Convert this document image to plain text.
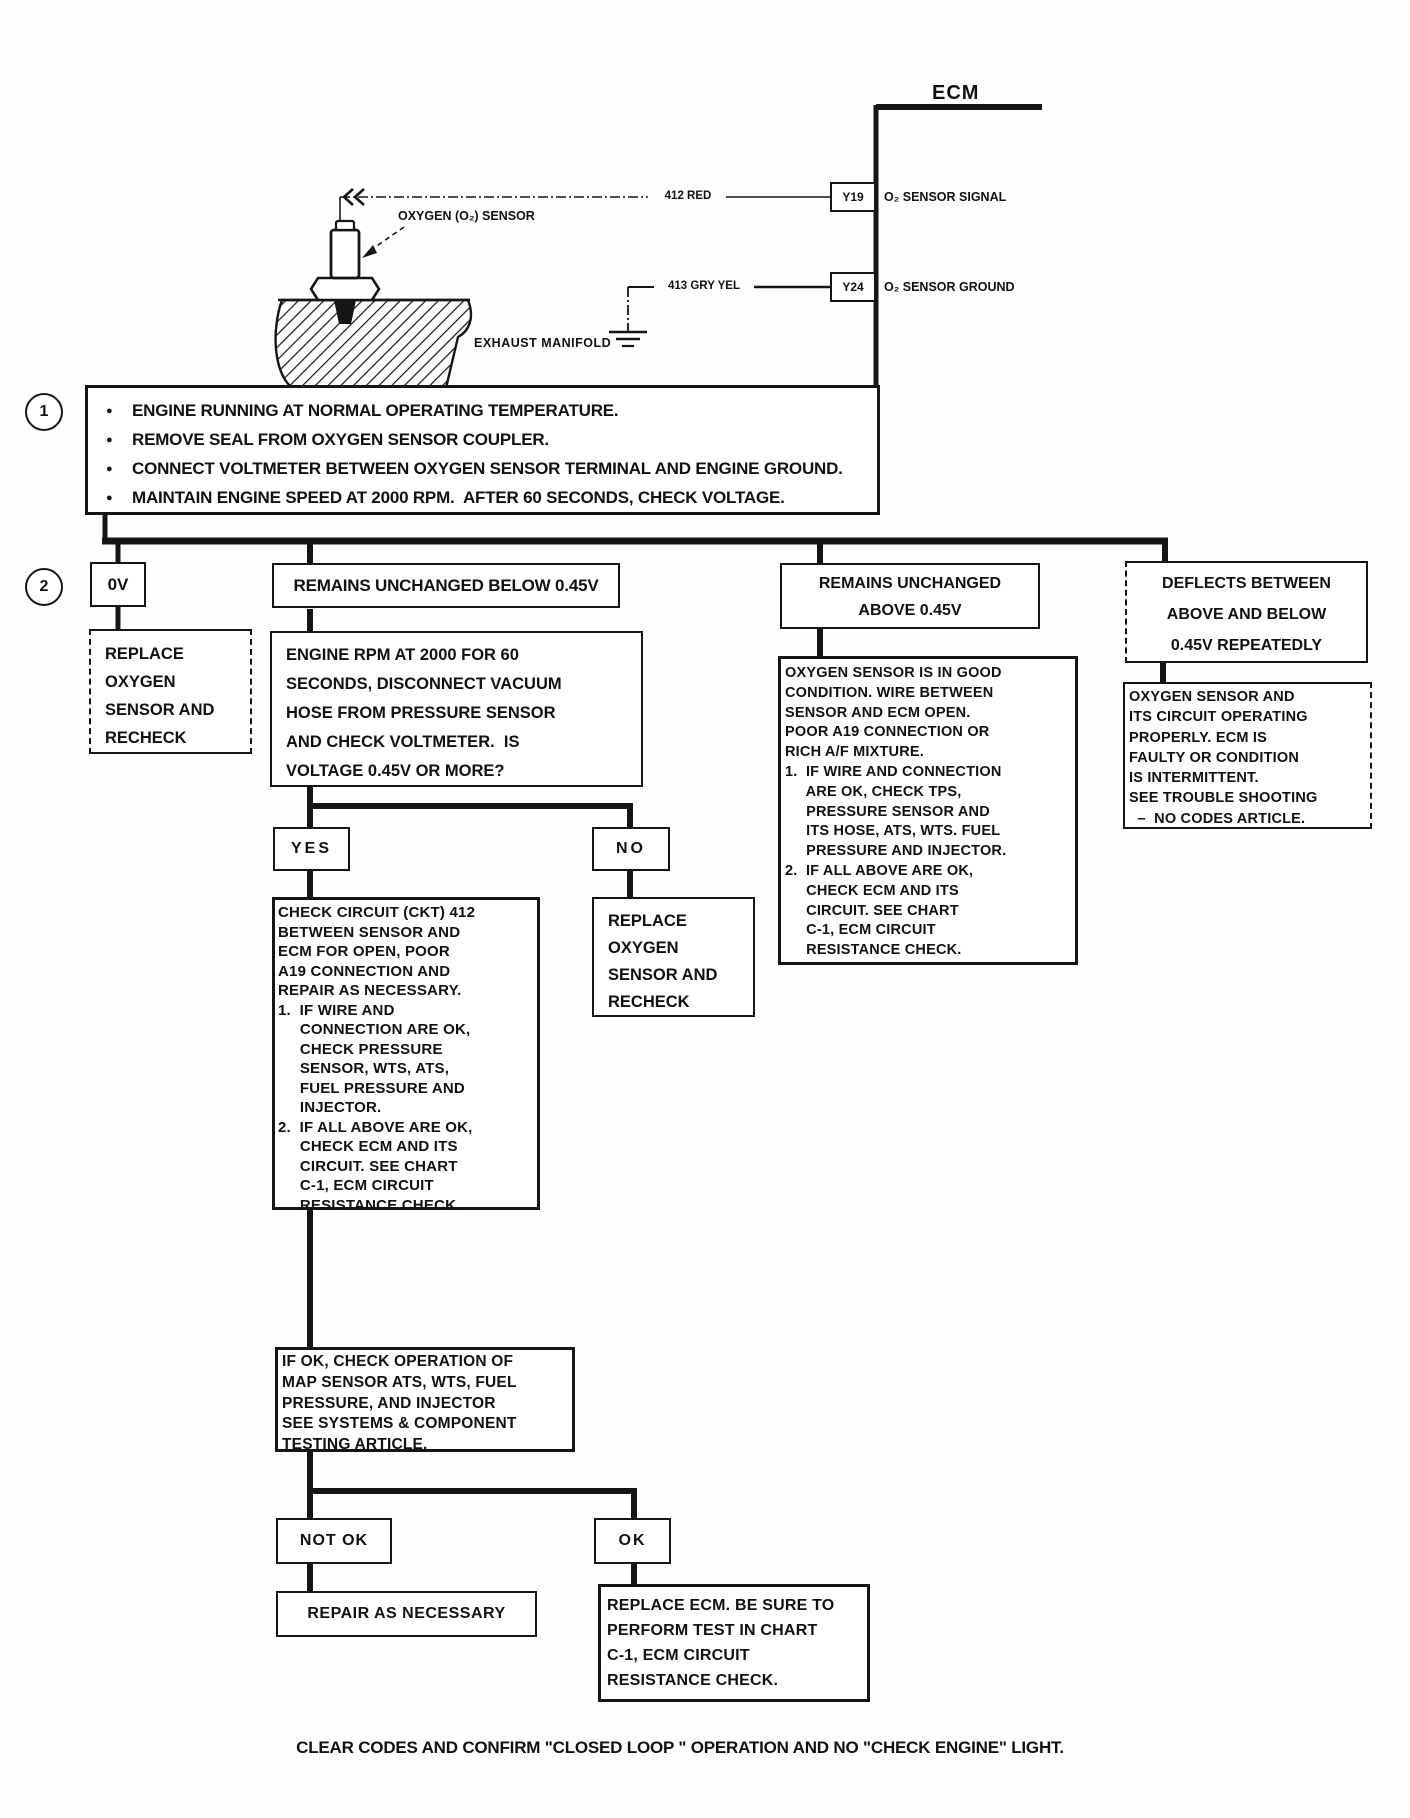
ECM
Y19
Y24
O₂ SENSOR SIGNAL
O₂ SENSOR GROUND
412 RED
413 GRY YEL
OXYGEN (O₂) SENSOR
EXHAUST MANIFOLD
1	● ENGINE RUNNING AT NORMAL OPERATING TEMPERATURE.
● REMOVE SEAL FROM OXYGEN SENSOR COUPLER.
● CONNECT VOLTMETER BETWEEN OXYGEN SENSOR TERMINAL AND ENGINE GROUND.
● MAINTAIN ENGINE SPEED AT 2000 RPM.  AFTER 60 SECONDS, CHECK VOLTAGE.
2	0V	REMAINS UNCHANGED BELOW 0.45V	REMAINS UNCHANGED
ABOVE 0.45V
DEFLECTS BETWEEN
ABOVE AND BELOW
0.45V REPEATEDLY
REPLACE
OXYGEN
SENSOR AND
RECHECK
ENGINE RPM AT 2000 FOR 60
SECONDS, DISCONNECT VACUUM
HOSE FROM PRESSURE SENSOR
AND CHECK VOLTMETER.  IS
VOLTAGE 0.45V OR MORE?
OXYGEN SENSOR IS IN GOOD
CONDITION. WIRE BETWEEN
SENSOR AND ECM OPEN.
POOR A19 CONNECTION OR
RICH A/F MIXTURE.
1.  IF WIRE AND CONNECTION
ARE OK, CHECK TPS,
PRESSURE SENSOR AND
ITS HOSE, ATS, WTS. FUEL
PRESSURE AND INJECTOR.
2.  IF ALL ABOVE ARE OK,
CHECK ECM AND ITS
CIRCUIT. SEE CHART
C-1, ECM CIRCUIT
RESISTANCE CHECK.
OXYGEN SENSOR AND
ITS CIRCUIT OPERATING
PROPERLY. ECM IS
FAULTY OR CONDITION
IS INTERMITTENT.
SEE TROUBLE SHOOTING
–  NO CODES ARTICLE.
YES	NO
CHECK CIRCUIT (CKT) 412
BETWEEN SENSOR AND
ECM FOR OPEN, POOR
A19 CONNECTION AND
REPAIR AS NECESSARY.
1.  IF WIRE AND
CONNECTION ARE OK,
CHECK PRESSURE
SENSOR, WTS, ATS,
FUEL PRESSURE AND
INJECTOR.
2.  IF ALL ABOVE ARE OK,
CHECK ECM AND ITS
CIRCUIT. SEE CHART
C-1, ECM CIRCUIT
RESISTANCE CHECK.
REPLACE
OXYGEN
SENSOR AND
RECHECK
IF OK, CHECK OPERATION OF
MAP SENSOR ATS, WTS, FUEL
PRESSURE, AND INJECTOR
SEE SYSTEMS & COMPONENT
TESTING ARTICLE.
NOT OK	OK
REPAIR AS NECESSARY	REPLACE ECM. BE SURE TO
PERFORM TEST IN CHART
C-1, ECM CIRCUIT
RESISTANCE CHECK.
CLEAR CODES AND CONFIRM "CLOSED LOOP " OPERATION AND NO "CHECK ENGINE" LIGHT.
